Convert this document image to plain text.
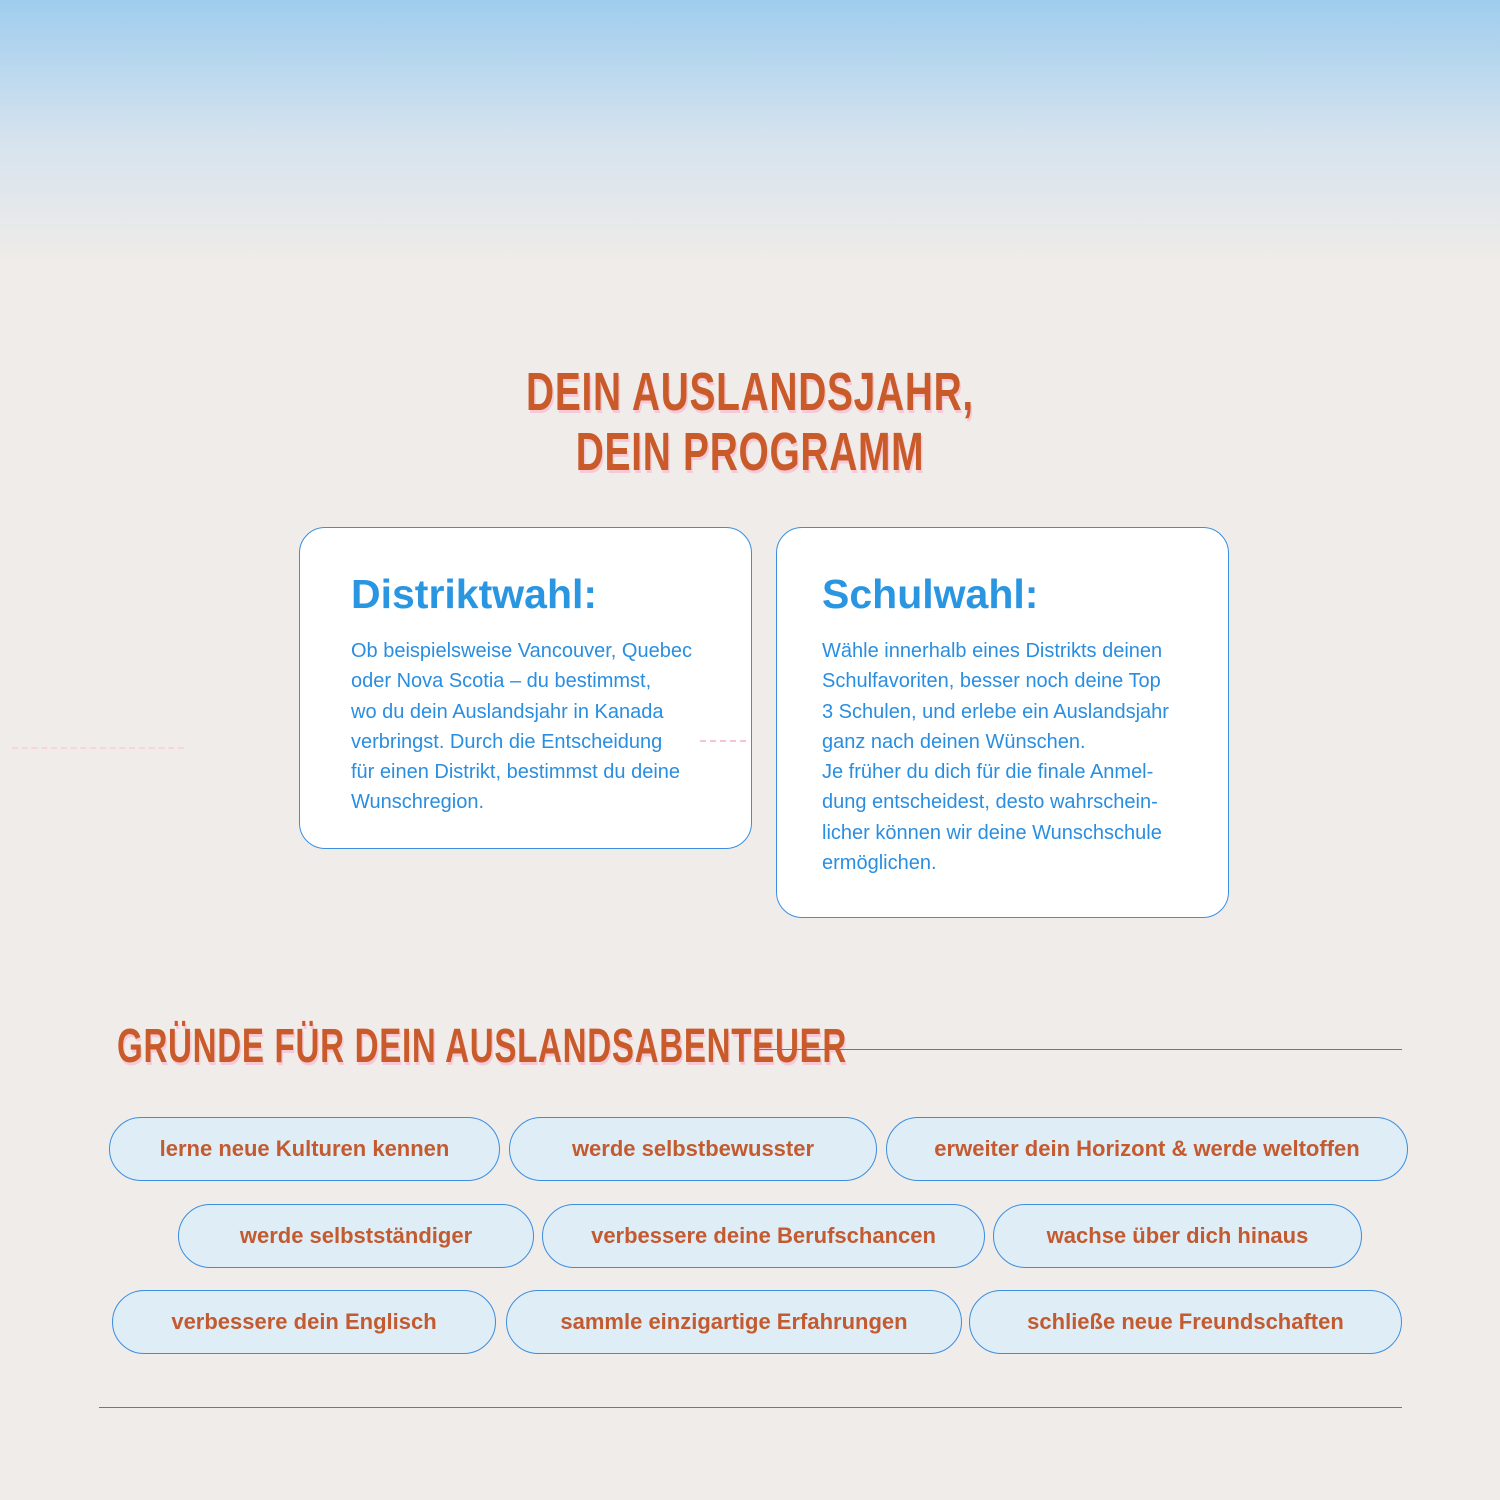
DEIN AUSLANDSJAHR,
DEIN PROGRAMM
Distriktwahl:

Ob beispielsweise Vancouver, Quebec
oder Nova Scotia – du bestimmst,
wo du dein Auslandsjahr in Kanada
verbringst. Durch die Entscheidung
für einen Distrikt, bestimmst du deine
Wunschregion.

Schulwahl:

Wähle innerhalb eines Distrikts deinen
Schulfavoriten, besser noch deine Top
3 Schulen, und erlebe ein Auslandsjahr
ganz nach deinen Wünschen.
Je früher du dich für die finale Anmel-
dung entscheidest, desto wahrschein-
licher können wir deine Wunschschule
ermöglichen.

GRÜNDE FÜR DEIN AUSLANDSABENTEUER
lerne neue Kulturen kennen	werde selbstbewusster	erweiter dein Horizont & werde weltoffen
werde selbstständiger	verbessere deine Berufschancen	wachse über dich hinaus
verbessere dein Englisch	sammle einzigartige Erfahrungen	schließe neue Freundschaften
